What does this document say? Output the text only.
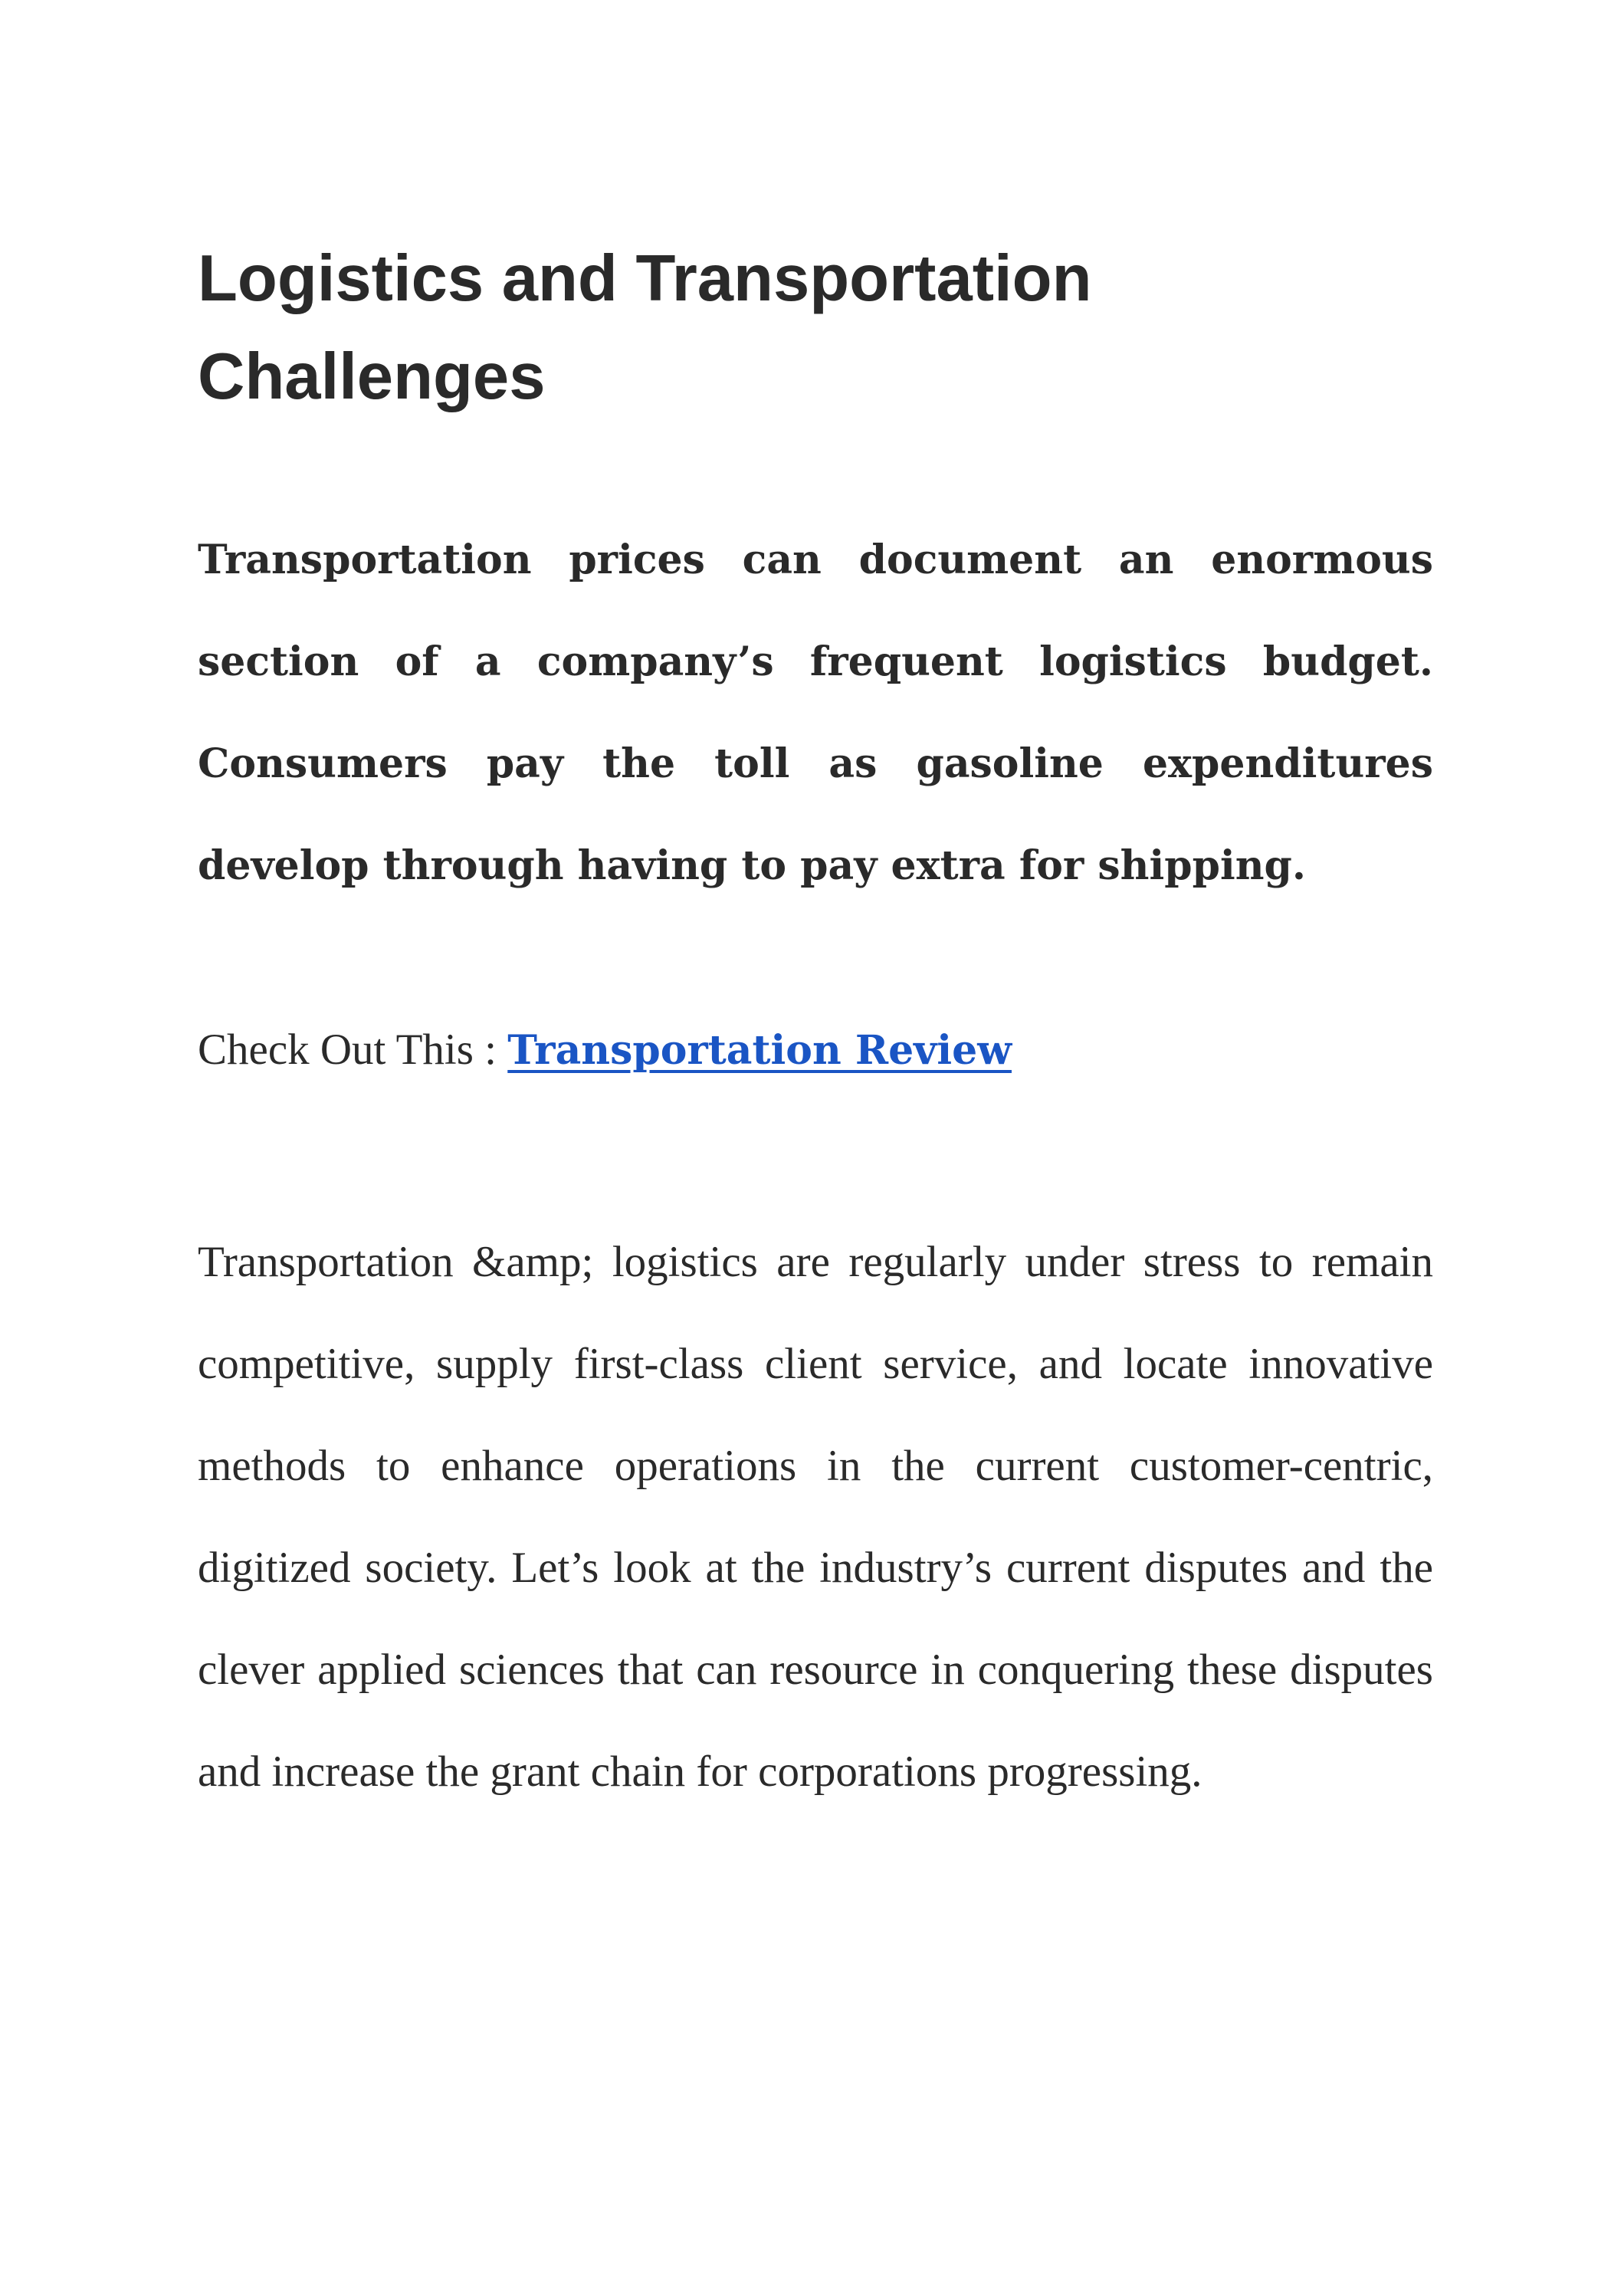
Logistics and Transportation Challenges

Transportation prices can document an enormous section of a company’s frequent logistics budget. Consumers pay the toll as gasoline expenditures develop through having to pay extra for shipping.

Check Out This : Transportation Review

Transportation &amp; logistics are regularly under stress to remain competitive, supply first-class client service, and locate innovative methods to enhance operations in the current customer-centric, digitized society. Let’s look at the industry’s current disputes and the clever applied sciences that can resource in conquering these disputes and increase the grant chain for corporations progressing.
